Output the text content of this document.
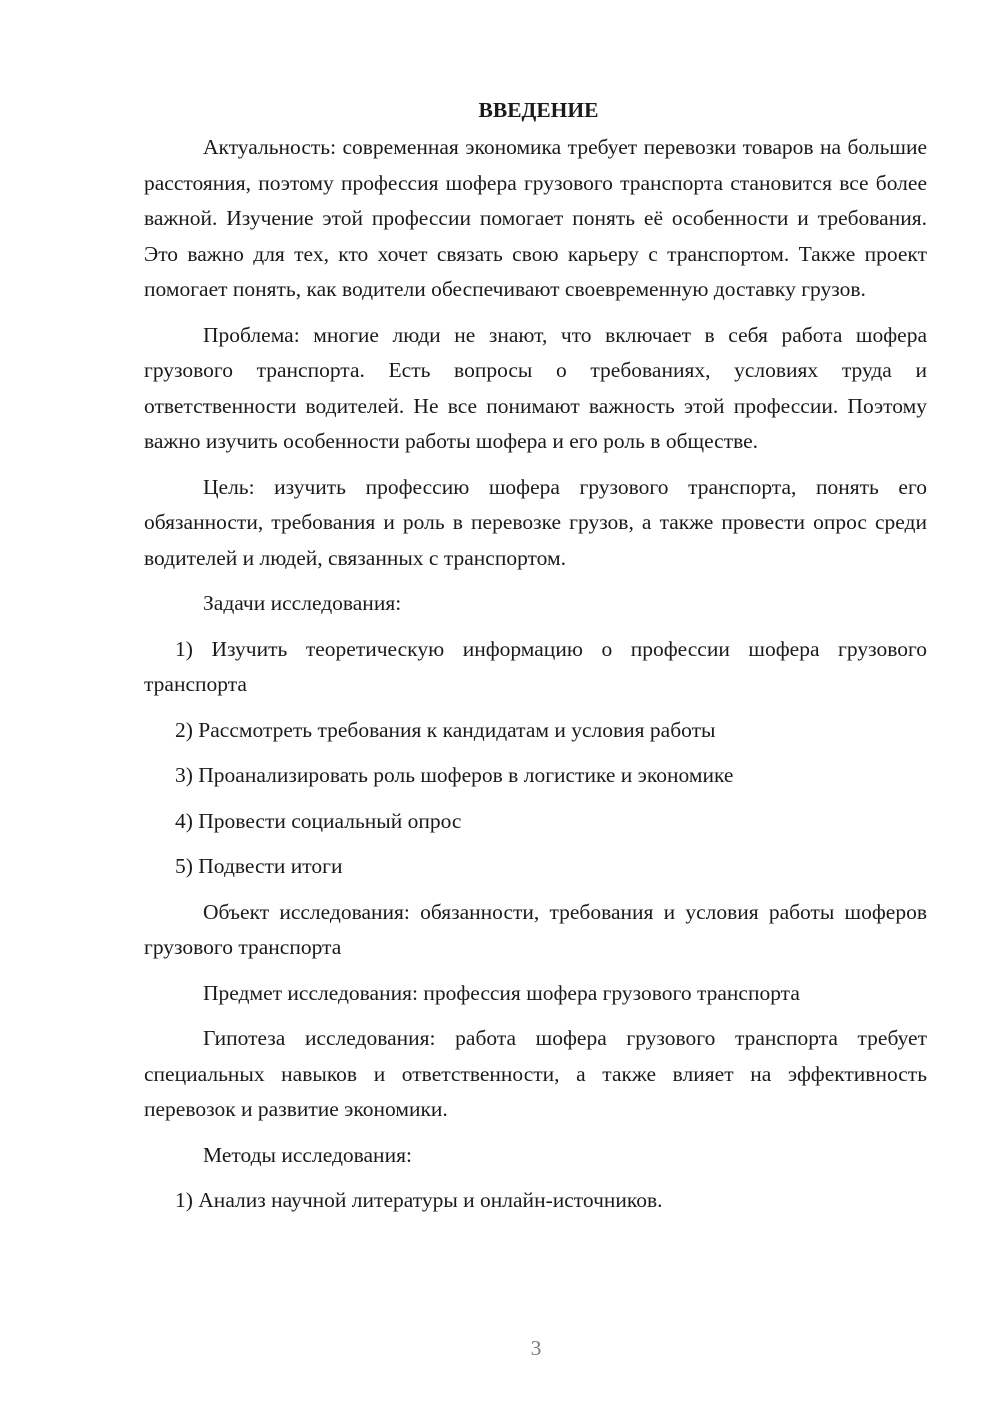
ВВЕДЕНИЕ

Актуальность: современная экономика требует перевозки товаров на большие расстояния, поэтому профессия шофера грузового транспорта становится все более важной. Изучение этой профессии помогает понять её особенности и требования. Это важно для тех, кто хочет связать свою карьеру с транспортом. Также проект помогает понять, как водители обеспечивают своевременную доставку грузов.

Проблема: многие люди не знают, что включает в себя работа шофера грузового транспорта. Есть вопросы о требованиях, условиях труда и ответственности водителей. Не все понимают важность этой профессии. Поэтому важно изучить особенности работы шофера и его роль в обществе.

Цель: изучить профессию шофера грузового транспорта, понять его обязанности, требования и роль в перевозке грузов, а также провести опрос среди водителей и людей, связанных с транспортом.

Задачи исследования:

1) Изучить теоретическую информацию о профессии шофера грузового транспорта

2) Рассмотреть требования к кандидатам и условия работы

3) Проанализировать роль шоферов в логистике и экономике

4) Провести социальный опрос

5) Подвести итоги

Объект исследования: обязанности, требования и условия работы шоферов грузового транспорта

Предмет исследования: профессия шофера грузового транспорта

Гипотеза исследования: работа шофера грузового транспорта требует специальных навыков и ответственности, а также влияет на эффективность перевозок и развитие экономики.

Методы исследования:

1) Анализ научной литературы и онлайн-источников.

3
